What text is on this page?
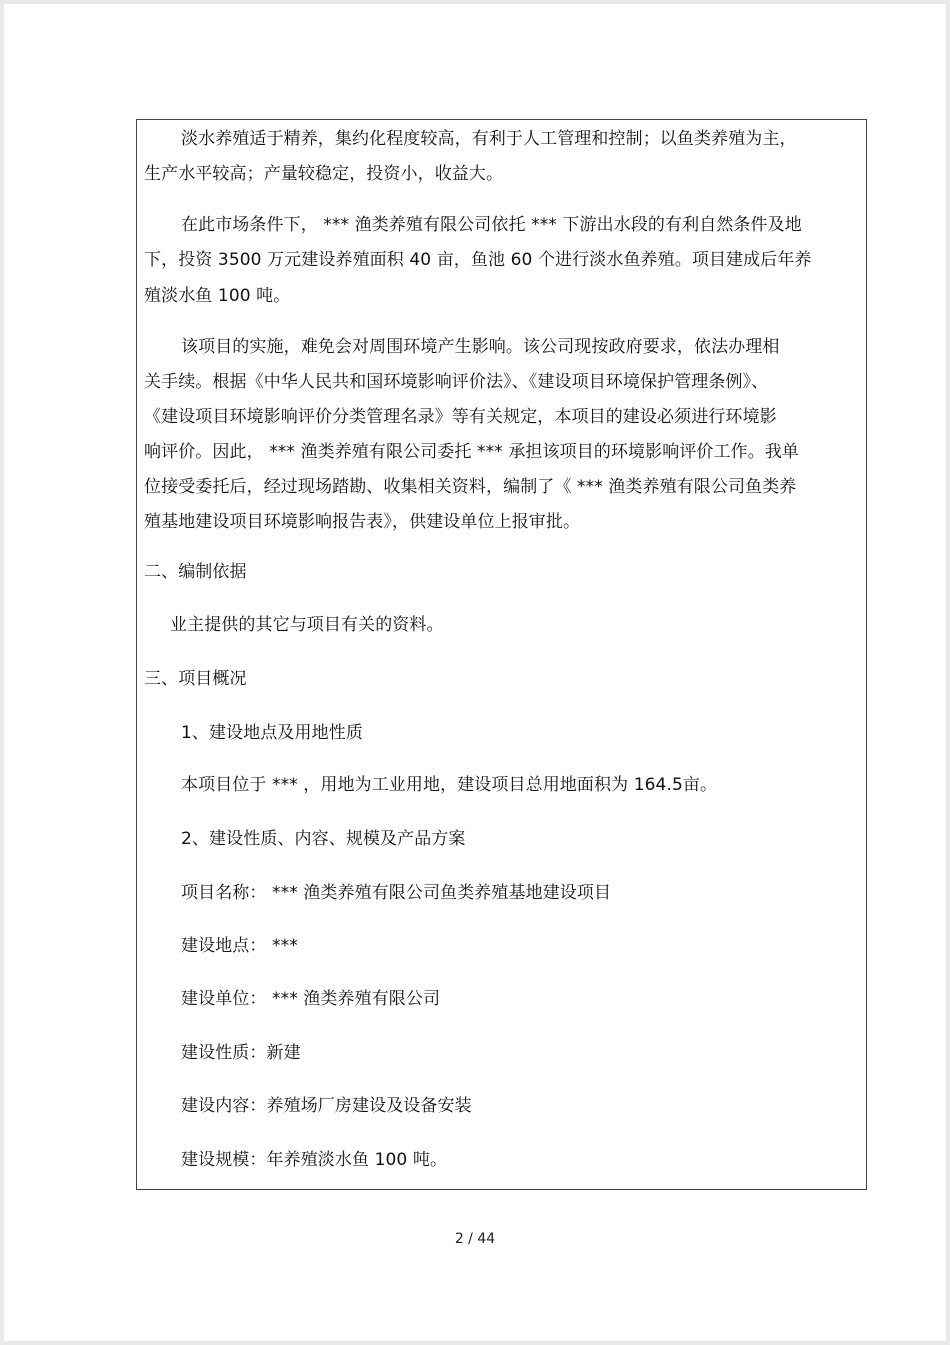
淡水养殖适于精养，集约化程度较高，有利于人工管理和控制；以鱼类养殖为主，
生产水平较高；产量较稳定，投资小，收益大。
在此市场条件下， *** 渔类养殖有限公司依托 *** 下游出水段的有利自然条件及地
下，投资 3500 万元建设养殖面积 40 亩，鱼池 60 个进行淡水鱼养殖。项目建成后年养
殖淡水鱼 100 吨。
该项目的实施，难免会对周围环境产生影响。该公司现按政府要求，依法办理相
关手续。根据《中华人民共和国环境影响评价法》、《建设项目环境保护管理条例》、
《建设项目环境影响评价分类管理名录》等有关规定，本项目的建设必须进行环境影
响评价。因此， *** 渔类养殖有限公司委托 *** 承担该项目的环境影响评价工作。我单
位接受委托后，经过现场踏勘、收集相关资料，编制了《 *** 渔类养殖有限公司鱼类养
殖基地建设项目环境影响报告表》，供建设单位上报审批。
二、编制依据
业主提供的其它与项目有关的资料。
三、项目概况
1、建设地点及用地性质
本项目位于 *** ，用地为工业用地，建设项目总用地面积为 164.5亩。
2、建设性质、内容、规模及产品方案
项目名称： *** 渔类养殖有限公司鱼类养殖基地建设项目
建设地点： ***
建设单位： *** 渔类养殖有限公司
建设性质：新建
建设内容：养殖场厂房建设及设备安装
建设规模：年养殖淡水鱼 100 吨。
2 / 44
